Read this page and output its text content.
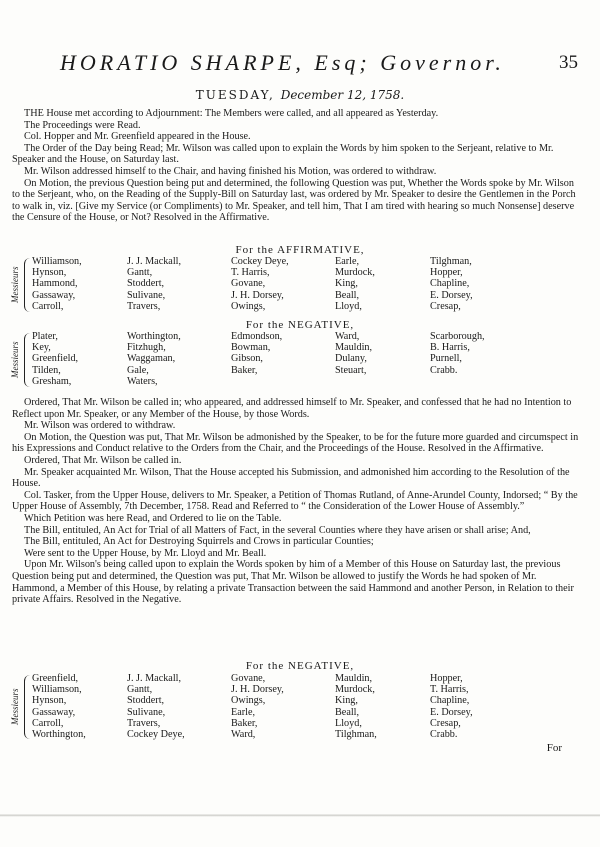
HORATIO SHARPE, Esq; Governor.	35
TUESDAY, December 12, 1758.

THE House met according to Adjournment: The Members were called, and all appeared as Yesterday.

The Proceedings were Read.

Col. Hopper and Mr. Greenfield appeared in the House.

The Order of the Day being Read; Mr. Wilson was called upon to explain the Words by him spoken to the Serjeant, relative to Mr. Speaker and the House, on Saturday last.

Mr. Wilson addressed himself to the Chair, and having finished his Motion, was ordered to withdraw.

On Motion, the previous Question being put and determined, the following Question was put, Whether the Words spoke by Mr. Wilson to the Serjeant, who, on the Reading of the Supply-Bill on Saturday last, was ordered by Mr. Speaker to desire the Gentlemen in the Porch to walk in, viz. [Give my Service (or Compliments) to Mr. Speaker, and tell him, That I am tired with hearing so much Nonsense] deserve the Censure of the House, or Not? Resolved in the Affirmative.

For the AFFIRMATIVE,
Messieurs
Williamson,	J. J. Mackall,	Cockey Deye,	Earle,	Tilghman,
Hynson,	Gantt,	T. Harris,	Murdock,	Hopper,
Hammond,	Stoddert,	Govane,	King,	Chapline,
Gassaway,	Sulivane,	J. H. Dorsey,	Beall,	E. Dorsey,
Carroll,	Travers,	Owings,	Lloyd,	Cresap,
For the NEGATIVE,
Messieurs
Plater,	Worthington,	Edmondson,	Ward,	Scarborough,
Key,	Fitzhugh,	Bowman,	Mauldin,	B. Harris,
Greenfield,	Waggaman,	Gibson,	Dulany,	Purnell,
Tilden,	Gale,	Baker,	Steuart,	Crabb.
Gresham,	Waters,

Ordered, That Mr. Wilson be called in; who appeared, and addressed himself to Mr. Speaker, and confessed that he had no Intention to Reflect upon Mr. Speaker, or any Member of the House, by those Words.

Mr. Wilson was ordered to withdraw.

On Motion, the Question was put, That Mr. Wilson be admonished by the Speaker, to be for the future more guarded and circumspect in his Expressions and Conduct relative to the Orders from the Chair, and the Proceedings of the House. Resolved in the Affirmative.

Ordered, That Mr. Wilson be called in.

Mr. Speaker acquainted Mr. Wilson, That the House accepted his Submission, and admonished him according to the Resolution of the House.

Col. Tasker, from the Upper House, delivers to Mr. Speaker, a Petition of Thomas Rutland, of Anne-Arundel County, Indorsed; “ By the Upper House of Assembly, 7th December, 1758. Read and Referred to “ the Consideration of the Lower House of Assembly.”

Which Petition was here Read, and Ordered to lie on the Table.

The Bill, entituled, An Act for Trial of all Matters of Fact, in the several Counties where they have arisen or shall arise; And,

The Bill, entituled, An Act for Destroying Squirrels and Crows in particular Counties;

Were sent to the Upper House, by Mr. Lloyd and Mr. Beall.

Upon Mr. Wilson's being called upon to explain the Words spoken by him of a Member of this House on Saturday last, the previous Question being put and determined, the Question was put, That Mr. Wilson be allowed to justify the Words he had spoken of Mr. Hammond, a Member of this House, by relating a private Transaction between the said Hammond and another Person, in Relation to their private Affairs. Resolved in the Negative.

For the NEGATIVE,
Messieurs
Greenfield,	J. J. Mackall,	Govane,	Mauldin,	Hopper,
Williamson,	Gantt,	J. H. Dorsey,	Murdock,	T. Harris,
Hynson,	Stoddert,	Owings,	King,	Chapline,
Gassaway,	Sulivane,	Earle,	Beall,	E. Dorsey,
Carroll,	Travers,	Baker,	Lloyd,	Cresap,
Worthington,	Cockey Deye,	Ward,	Tilghman,	Crabb.
For
